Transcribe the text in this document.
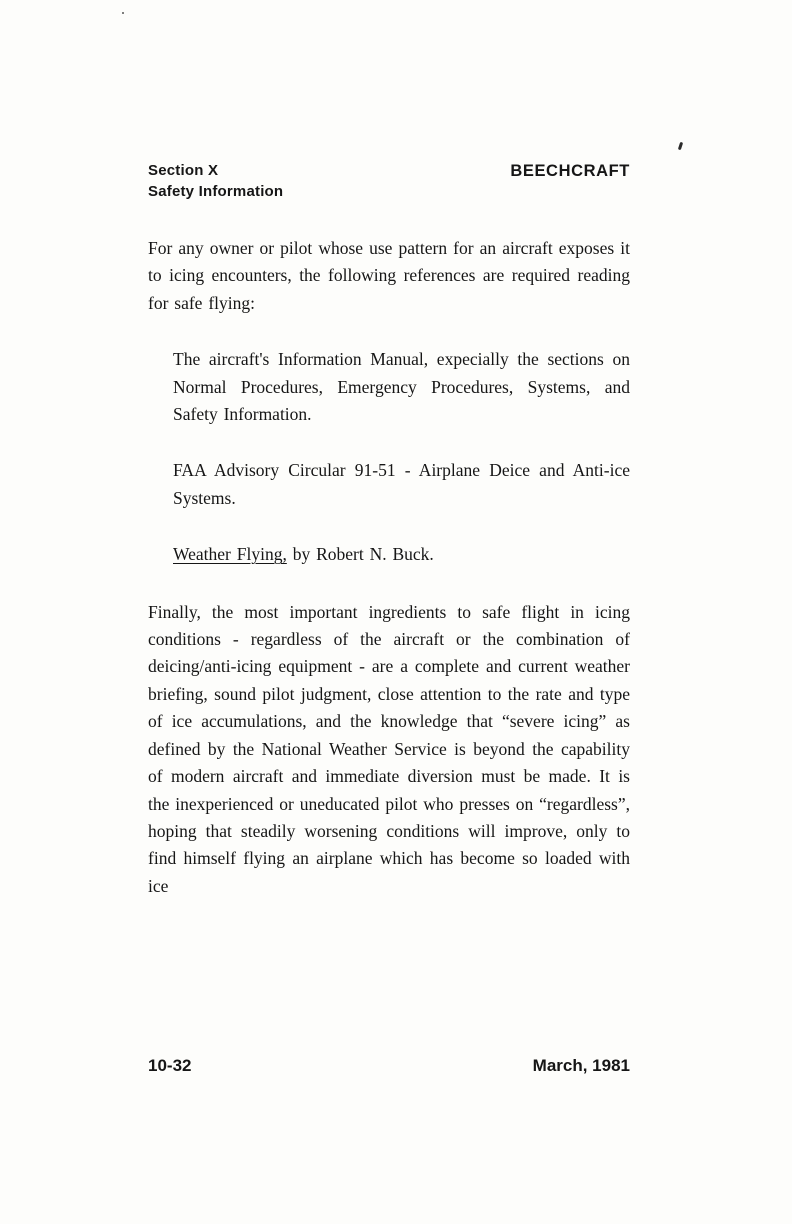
Section X
Safety Information
BEECHCRAFT

For any owner or pilot whose use pattern for an aircraft exposes it to icing encounters, the following references are required reading for safe flying:

The aircraft's Information Manual, expecially the sections on Normal Procedures, Emergency Procedures, Systems, and Safety Information.

FAA Advisory Circular 91-51 - Airplane Deice and Anti-ice Systems.

Weather Flying, by Robert N. Buck.

Finally, the most important ingredients to safe flight in icing conditions - regardless of the aircraft or the combination of deicing/anti-icing equipment - are a complete and current weather briefing, sound pilot judgment, close attention to the rate and type of ice accumulations, and the knowledge that “severe icing” as defined by the National Weather Service is beyond the capability of modern aircraft and immediate diversion must be made. It is the inexperienced or uneducated pilot who presses on “regardless”, hoping that steadily worsening conditions will improve, only to find himself flying an airplane which has become so loaded with ice

10-32	March, 1981
